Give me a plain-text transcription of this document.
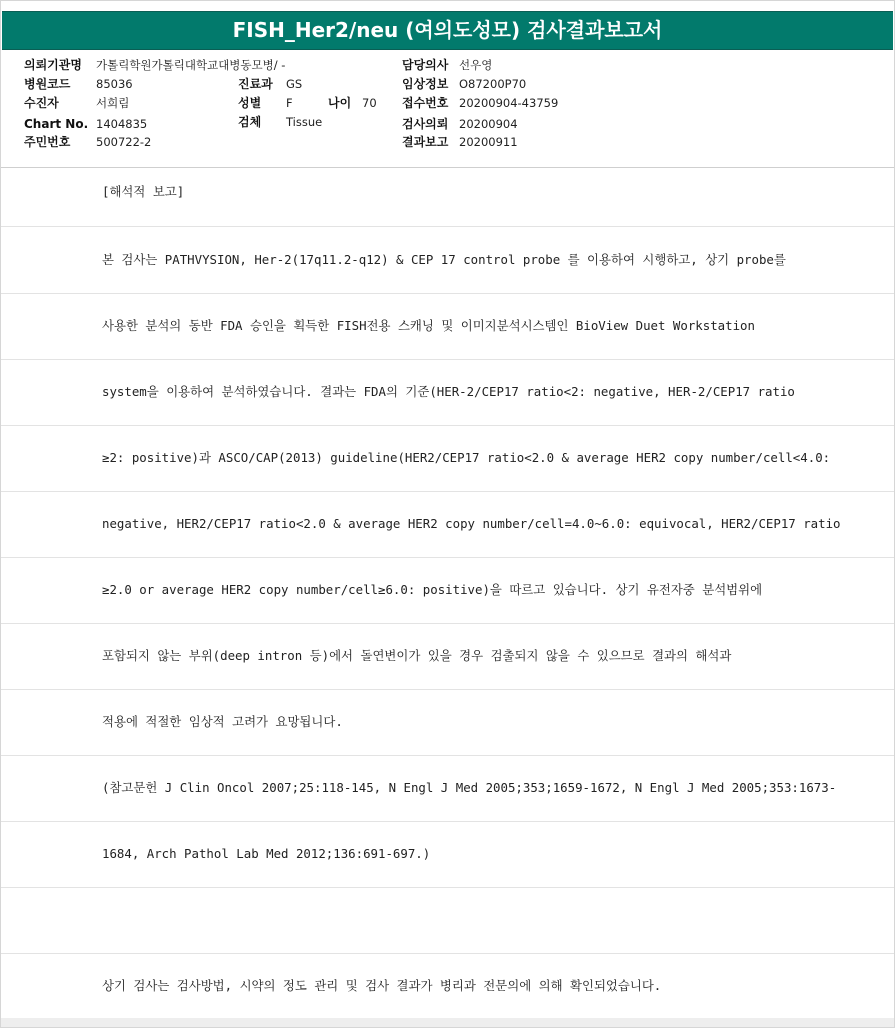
FISH_Her2/neu (여의도성모) 검사결과보고서
의뢰기관명 가톨릭학원가톨릭대학교대병동모병/ -
병원코드 85036
수진자	서희림
Chart No. 1404835
주민번호 500722-2
진료과 GS
성별 F	나이 70
검체 Tissue
담당의사 선우영
임상정보 O87200P70
접수번호 20200904-43759
검사의뢰 20200904
결과보고 20200911
[해석적 보고]
본 검사는 PATHVYSION, Her-2(17q11.2-q12) & CEP 17 control probe 를 이용하여 시행하고, 상기 probe를
사용한 분석의 동반 FDA 승인을 획득한 FISH전용 스캐닝 및 이미지분석시스템인 BioView Duet Workstation
system을 이용하여 분석하였습니다. 결과는 FDA의 기준(HER-2/CEP17 ratio<2: negative, HER-2/CEP17 ratio
≥2: positive)과 ASCO/CAP(2013) guideline(HER2/CEP17 ratio<2.0 & average HER2 copy number/cell<4.0:
negative, HER2/CEP17 ratio<2.0 & average HER2 copy number/cell=4.0~6.0: equivocal, HER2/CEP17 ratio
≥2.0 or average HER2 copy number/cell≥6.0: positive)을 따르고 있습니다. 상기 유전자중 분석범위에
포함되지 않는 부위(deep intron 등)에서 돌연변이가 있을 경우 검출되지 않을 수 있으므로 결과의 해석과
적용에 적절한 임상적 고려가 요망됩니다.
(참고문헌 J Clin Oncol 2007;25:118-145, N Engl J Med 2005;353;1659-1672, N Engl J Med 2005;353:1673-
1684, Arch Pathol Lab Med 2012;136:691-697.)
상기 검사는 검사방법, 시약의 정도 관리 및 검사 결과가 병리과 전문의에 의해 확인되었습니다.
